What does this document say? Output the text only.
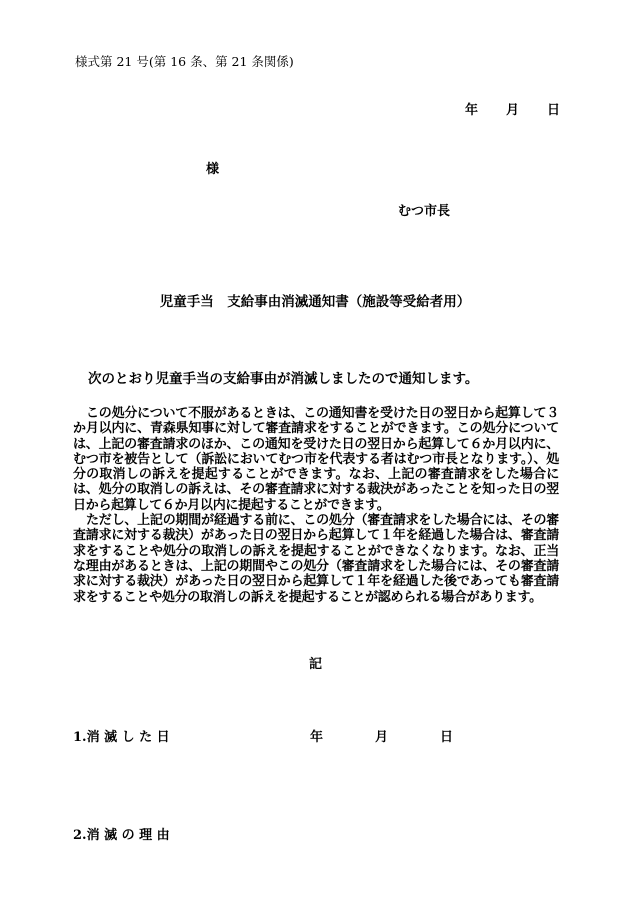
様式第 21 号(第 16 条、第 21 条関係)
年 月 日
様
むつ市長
児童手当　支給事由消滅通知書（施設等受給者用）
次のとおり児童手当の支給事由が消滅しましたので通知します。

この処分について不服があるときは、この通知書を受けた日の翌日から起算して３か月以内に、青森県知事に対して審査請求をすることができます。この処分については、上記の審査請求のほか、この通知を受けた日の翌日から起算して６か月以内に、むつ市を被告として（訴訟においてむつ市を代表する者はむつ市長となります。）、処分の取消しの訴えを提起することができます。なお、上記の審査請求をした場合には、処分の取消しの訴えは、その審査請求に対する裁決があったことを知った日の翌日から起算して６か月以内に提起することができます。

ただし、上記の期間が経過する前に、この処分（審査請求をした場合には、その審査請求に対する裁決）があった日の翌日から起算して１年を経過した場合は、審査請求をすることや処分の取消しの訴えを提起することができなくなります。なお、正当な理由があるときは、上記の期間やこの処分（審査請求をした場合には、その審査請求に対する裁決）があった日の翌日から起算して１年を経過した後であっても審査請求をすることや処分の取消しの訴えを提起することが認められる場合があります。

記
1.消 滅 し た 日	年	月	日
2.消 滅 の 理 由
